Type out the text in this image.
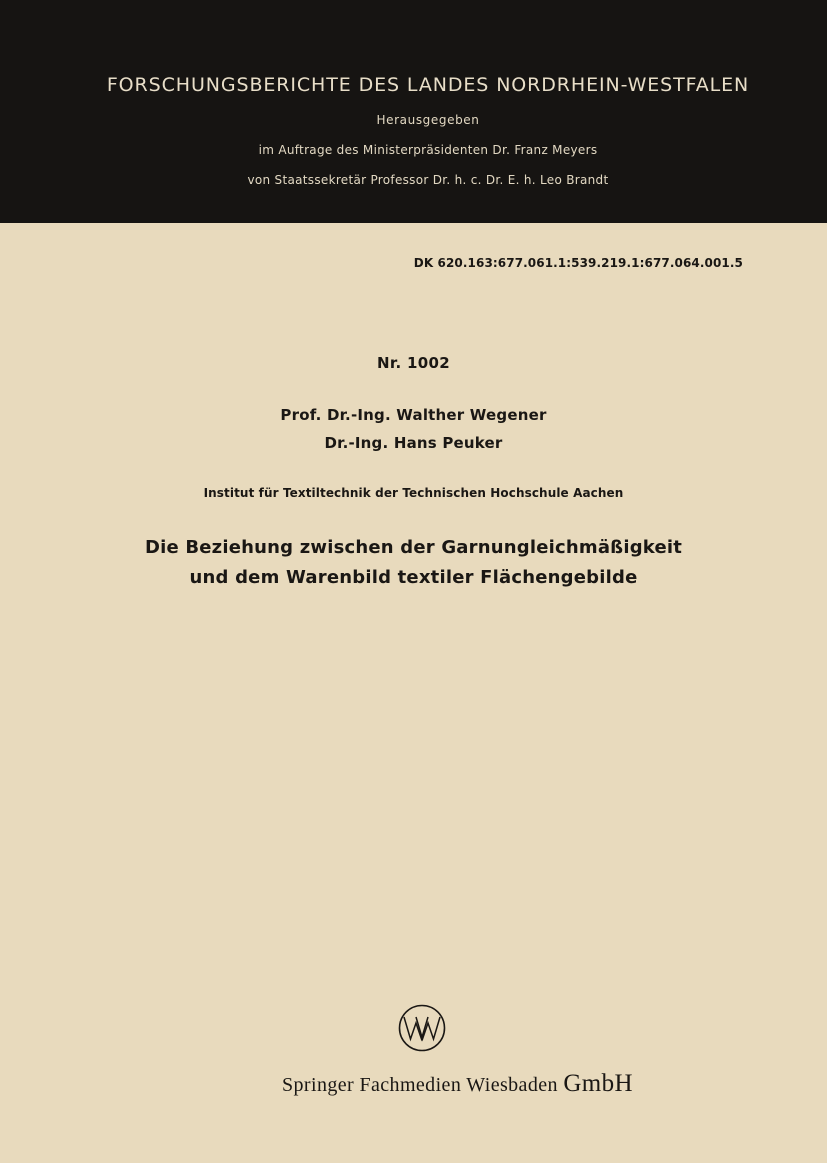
FORSCHUNGSBERICHTE DES LANDES NORDRHEIN-WESTFALEN
Herausgegeben
im Auftrage des Ministerpräsidenten Dr. Franz Meyers
von Staatssekretär Professor Dr. h. c. Dr. E. h. Leo Brandt
DK 620.163:677.061.1:539.219.1:677.064.001.5
Nr. 1002
Prof. Dr.-Ing. Walther Wegener
Dr.-Ing. Hans Peuker
Institut für Textiltechnik der Technischen Hochschule Aachen
Die Beziehung zwischen der Garnungleichmäßigkeit
und dem Warenbild textiler Flächengebilde
Springer Fachmedien Wiesbaden GmbH
